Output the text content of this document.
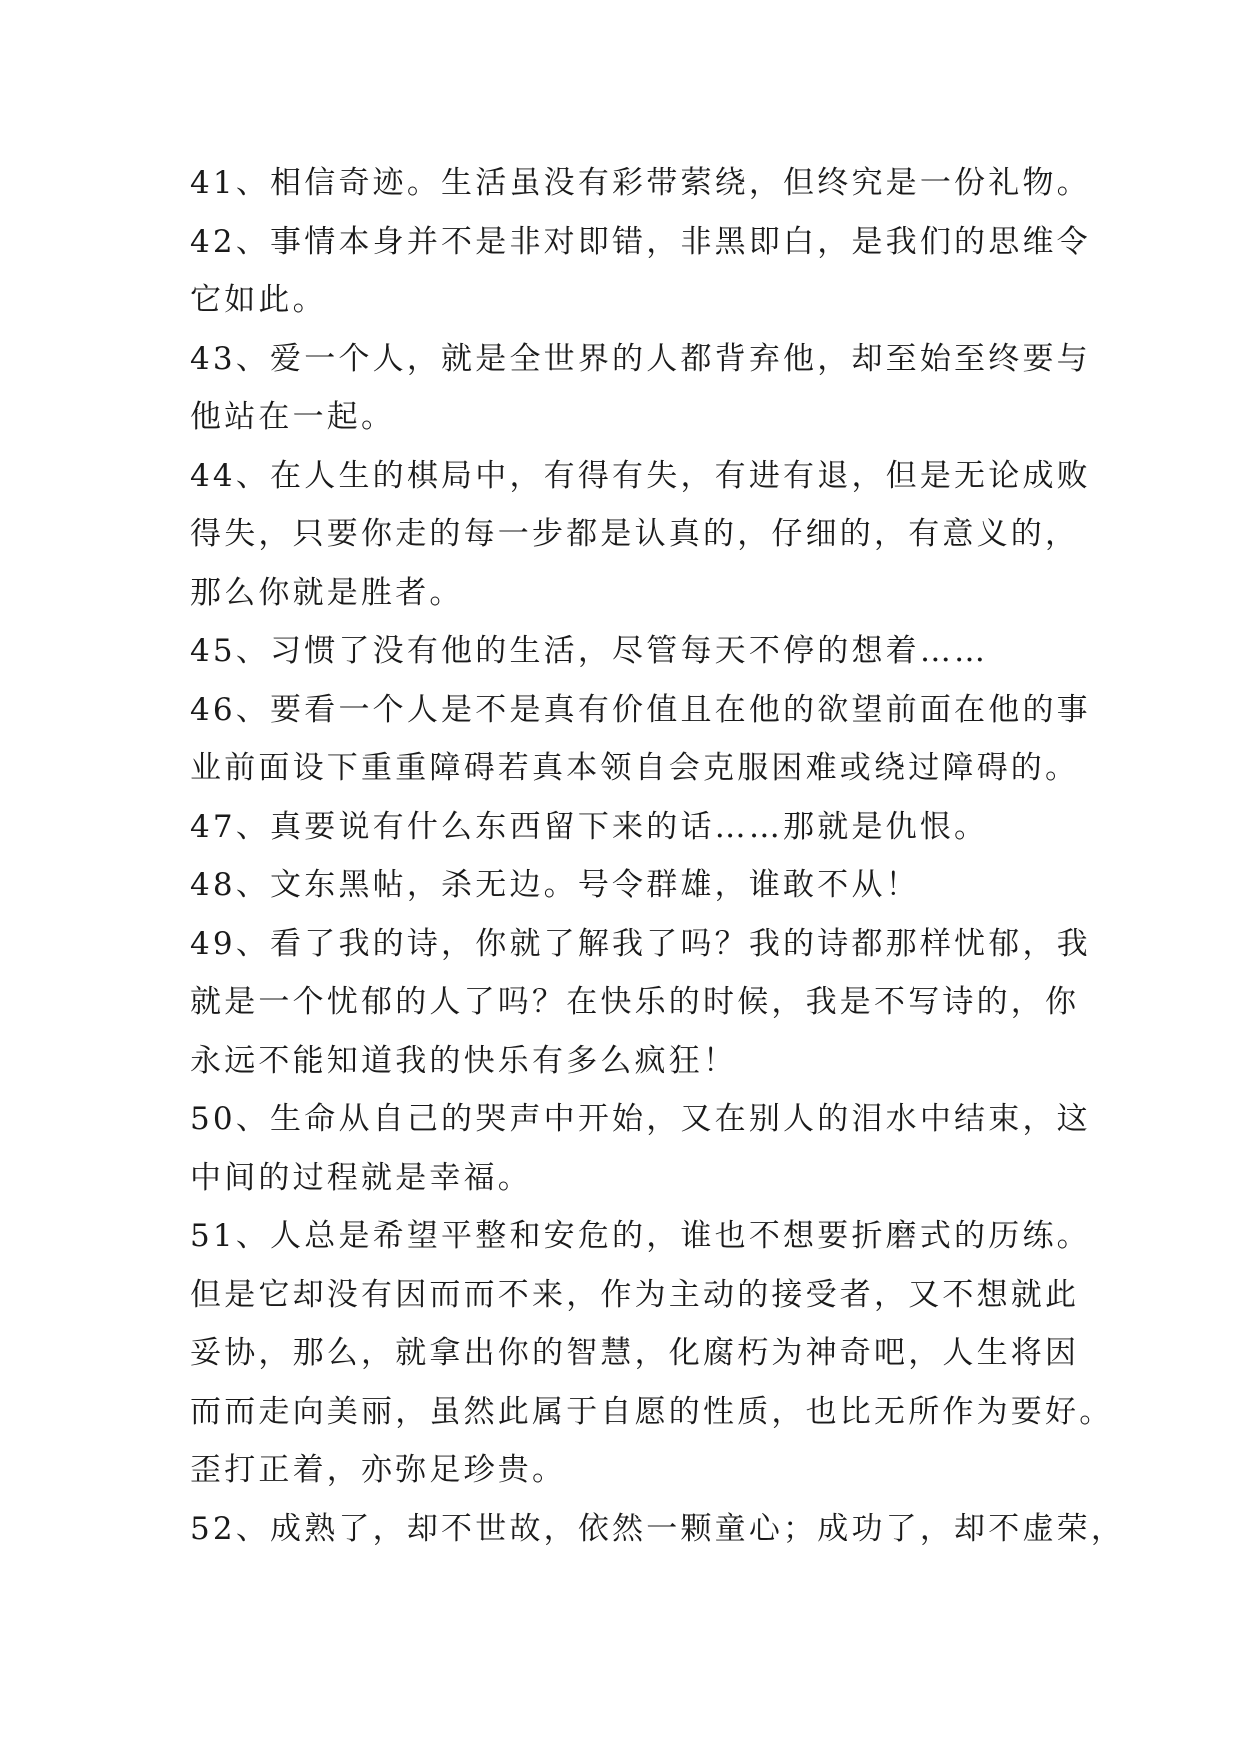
41、相信奇迹。生活虽没有彩带萦绕，但终究是一份礼物。
42、事情本身并不是非对即错，非黑即白，是我们的思维令
它如此。
43、爱一个人，就是全世界的人都背弃他，却至始至终要与
他站在一起。
44、在人生的棋局中，有得有失，有进有退，但是无论成败
得失，只要你走的每一步都是认真的，仔细的，有意义的，
那么你就是胜者。
45、习惯了没有他的生活，尽管每天不停的想着……
46、要看一个人是不是真有价值且在他的欲望前面在他的事
业前面设下重重障碍若真本领自会克服困难或绕过障碍的。
47、真要说有什么东西留下来的话……那就是仇恨。
48、文东黑帖，杀无边。号令群雄，谁敢不从！
49、看了我的诗，你就了解我了吗？我的诗都那样忧郁，我
就是一个忧郁的人了吗？在快乐的时候，我是不写诗的，你
永远不能知道我的快乐有多么疯狂！
50、生命从自己的哭声中开始，又在别人的泪水中结束，这
中间的过程就是幸福。
51、人总是希望平整和安危的，谁也不想要折磨式的历练。
但是它却没有因而而不来，作为主动的接受者，又不想就此
妥协，那么，就拿出你的智慧，化腐朽为神奇吧，人生将因
而而走向美丽，虽然此属于自愿的性质，也比无所作为要好。
歪打正着，亦弥足珍贵。
52、成熟了，却不世故，依然一颗童心；成功了，却不虚荣，
